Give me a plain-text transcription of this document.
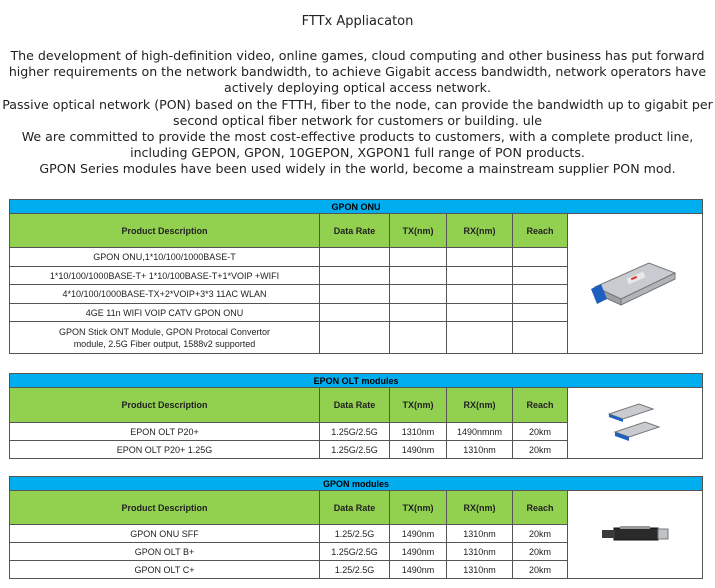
FTTx Appliacaton

The development of high-definition video, online games, cloud computing and other business has put forward higher requirements on the network bandwidth, to achieve Gigabit access bandwidth, network operators have actively deploying optical access network.

Passive optical network (PON) based on the FTTH, fiber to the node, can provide the bandwidth up to gigabit per second optical fiber network for customers or building. ule

We are committed to provide the most cost-effective products to customers, with a complete product line, including GEPON, GPON, 10GEPON, XGPON1 full range of PON products.

GPON Series modules have been used widely in the world, become a mainstream supplier PON mod.

GPON ONU					
Product Description	Data Rate	TX(nm)	RX(nm)	Reach	
GPON ONU,1*10/100/1000BASE-T					
1*10/100/1000BASE-T+ 1*10/100BASE-T+1*VOIP +WIFI					
4*10/100/1000BASE-TX+2*VOIP+3*3 11AC WLAN					
4GE 11n WIFI VOIP CATV GPON ONU					
GPON Stick ONT Module, GPON Protocal Convertor module, 2.5G Fiber output, 1588v2 supported					
EPON OLT modules					
Product Description	Data Rate	TX(nm)	RX(nm)	Reach	
EPON OLT P20+	1.25G/2.5G	1310nm	1490nmnm	20km	
EPON OLT P20+ 1.25G	1.25G/2.5G	1490nm	1310nm	20km	
GPON modules					
Product Description	Data Rate	TX(nm)	RX(nm)	Reach	
GPON ONU SFF	1.25/2.5G	1490nm	1310nm	20km	
GPON OLT B+	1.25G/2.5G	1490nm	1310nm	20km	
GPON OLT C+	1.25/2.5G	1490nm	1310nm	20km	
